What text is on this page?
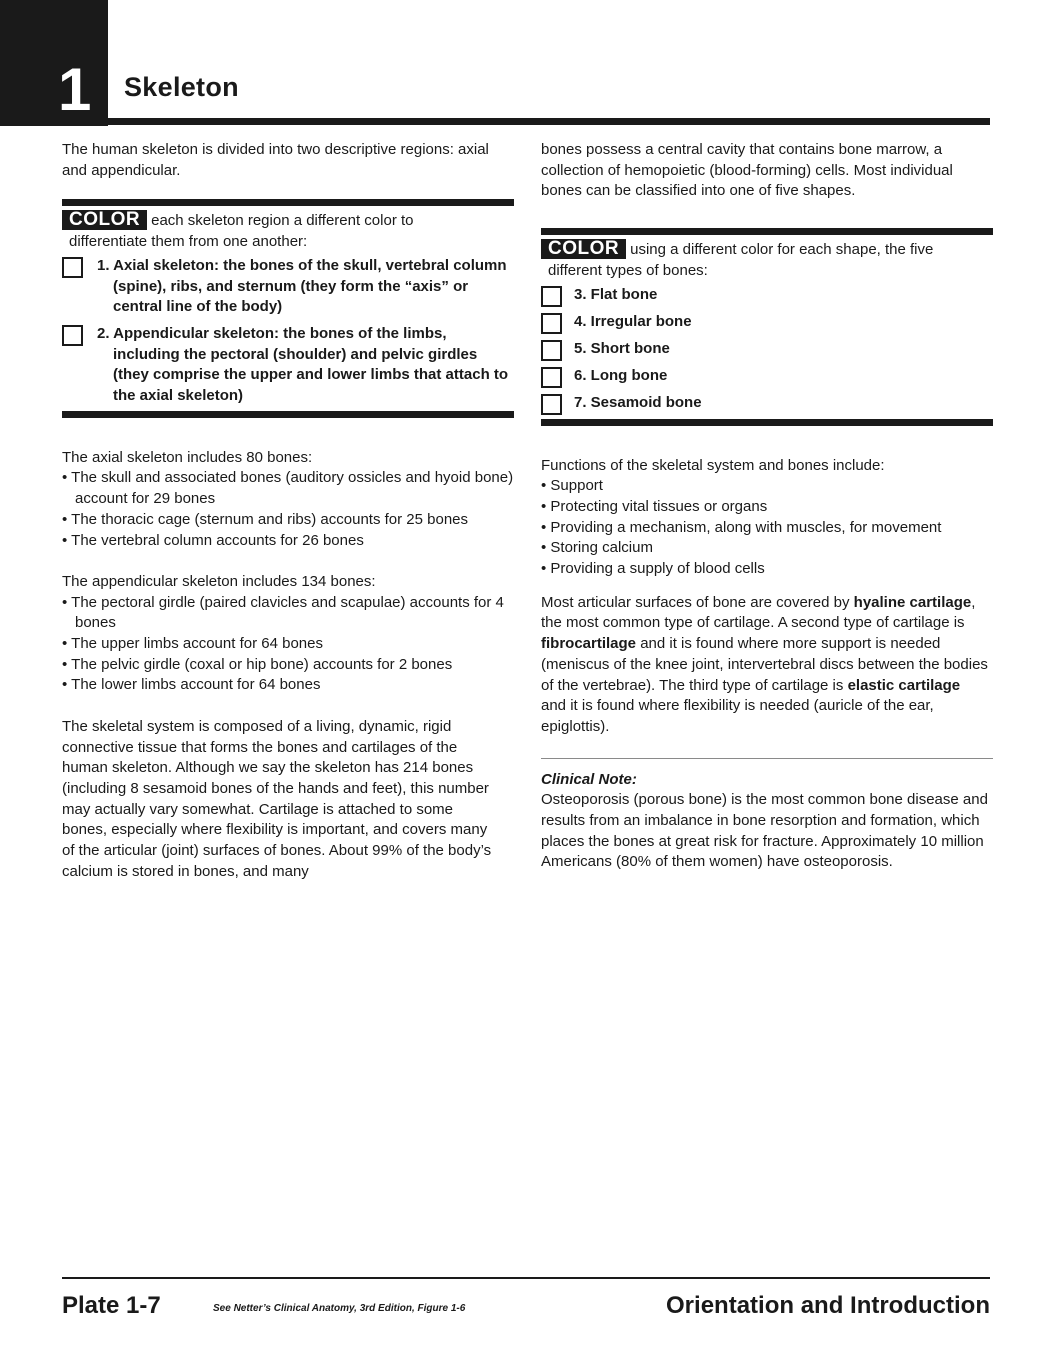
1 Skeleton

The human skeleton is divided into two descriptive regions: axial and appendicular.

COLOR each skeleton region a different color to
differentiate them from one another:
1. Axial skeleton: the bones of the skull, vertebral column (spine), ribs, and sternum (they form the “axis” or central line of the body)
2. Appendicular skeleton: the bones of the limbs, including the pectoral (shoulder) and pelvic girdles (they comprise the upper and lower limbs that attach to the axial skeleton)

The axial skeleton includes 80 bones:

• The skull and associated bones (auditory ossicles and hyoid bone) account for 29 bones
• The thoracic cage (sternum and ribs) accounts for 25 bones
• The vertebral column accounts for 26 bones

The appendicular skeleton includes 134 bones:

• The pectoral girdle (paired clavicles and scapulae) accounts for 4 bones
• The upper limbs account for 64 bones
• The pelvic girdle (coxal or hip bone) accounts for 2 bones
• The lower limbs account for 64 bones

The skeletal system is composed of a living, dynamic, rigid connective tissue that forms the bones and cartilages of the human skeleton. Although we say the skeleton has 214 bones (including 8 sesamoid bones of the hands and feet), this number may actually vary somewhat. Cartilage is attached to some bones, especially where flexibility is important, and covers many of the articular (joint) surfaces of bones. About 99% of the body’s calcium is stored in bones, and many

bones possess a central cavity that contains bone marrow, a collection of hemopoietic (blood-forming) cells. Most individual bones can be classified into one of five shapes.

COLOR using a different color for each shape, the five
different types of bones:
3. Flat bone
4. Irregular bone
5. Short bone
6. Long bone
7. Sesamoid bone

Functions of the skeletal system and bones include:

• Support
• Protecting vital tissues or organs
• Providing a mechanism, along with muscles, for movement
• Storing calcium
• Providing a supply of blood cells

Most articular surfaces of bone are covered by hyaline cartilage, the most common type of cartilage. A second type of cartilage is fibrocartilage and it is found where more support is needed (meniscus of the knee joint, intervertebral discs between the bodies of the vertebrae). The third type of cartilage is elastic cartilage and it is found where flexibility is needed (auricle of the ear, epiglottis).

Clinical Note:

Osteoporosis (porous bone) is the most common bone disease and results from an imbalance in bone resorption and formation, which places the bones at great risk for fracture. Approximately 10 million Americans (80% of them women) have osteoporosis.

Plate 1-7	See Netter’s Clinical Anatomy, 3rd Edition, Figure 1-6	Orientation and Introduction
